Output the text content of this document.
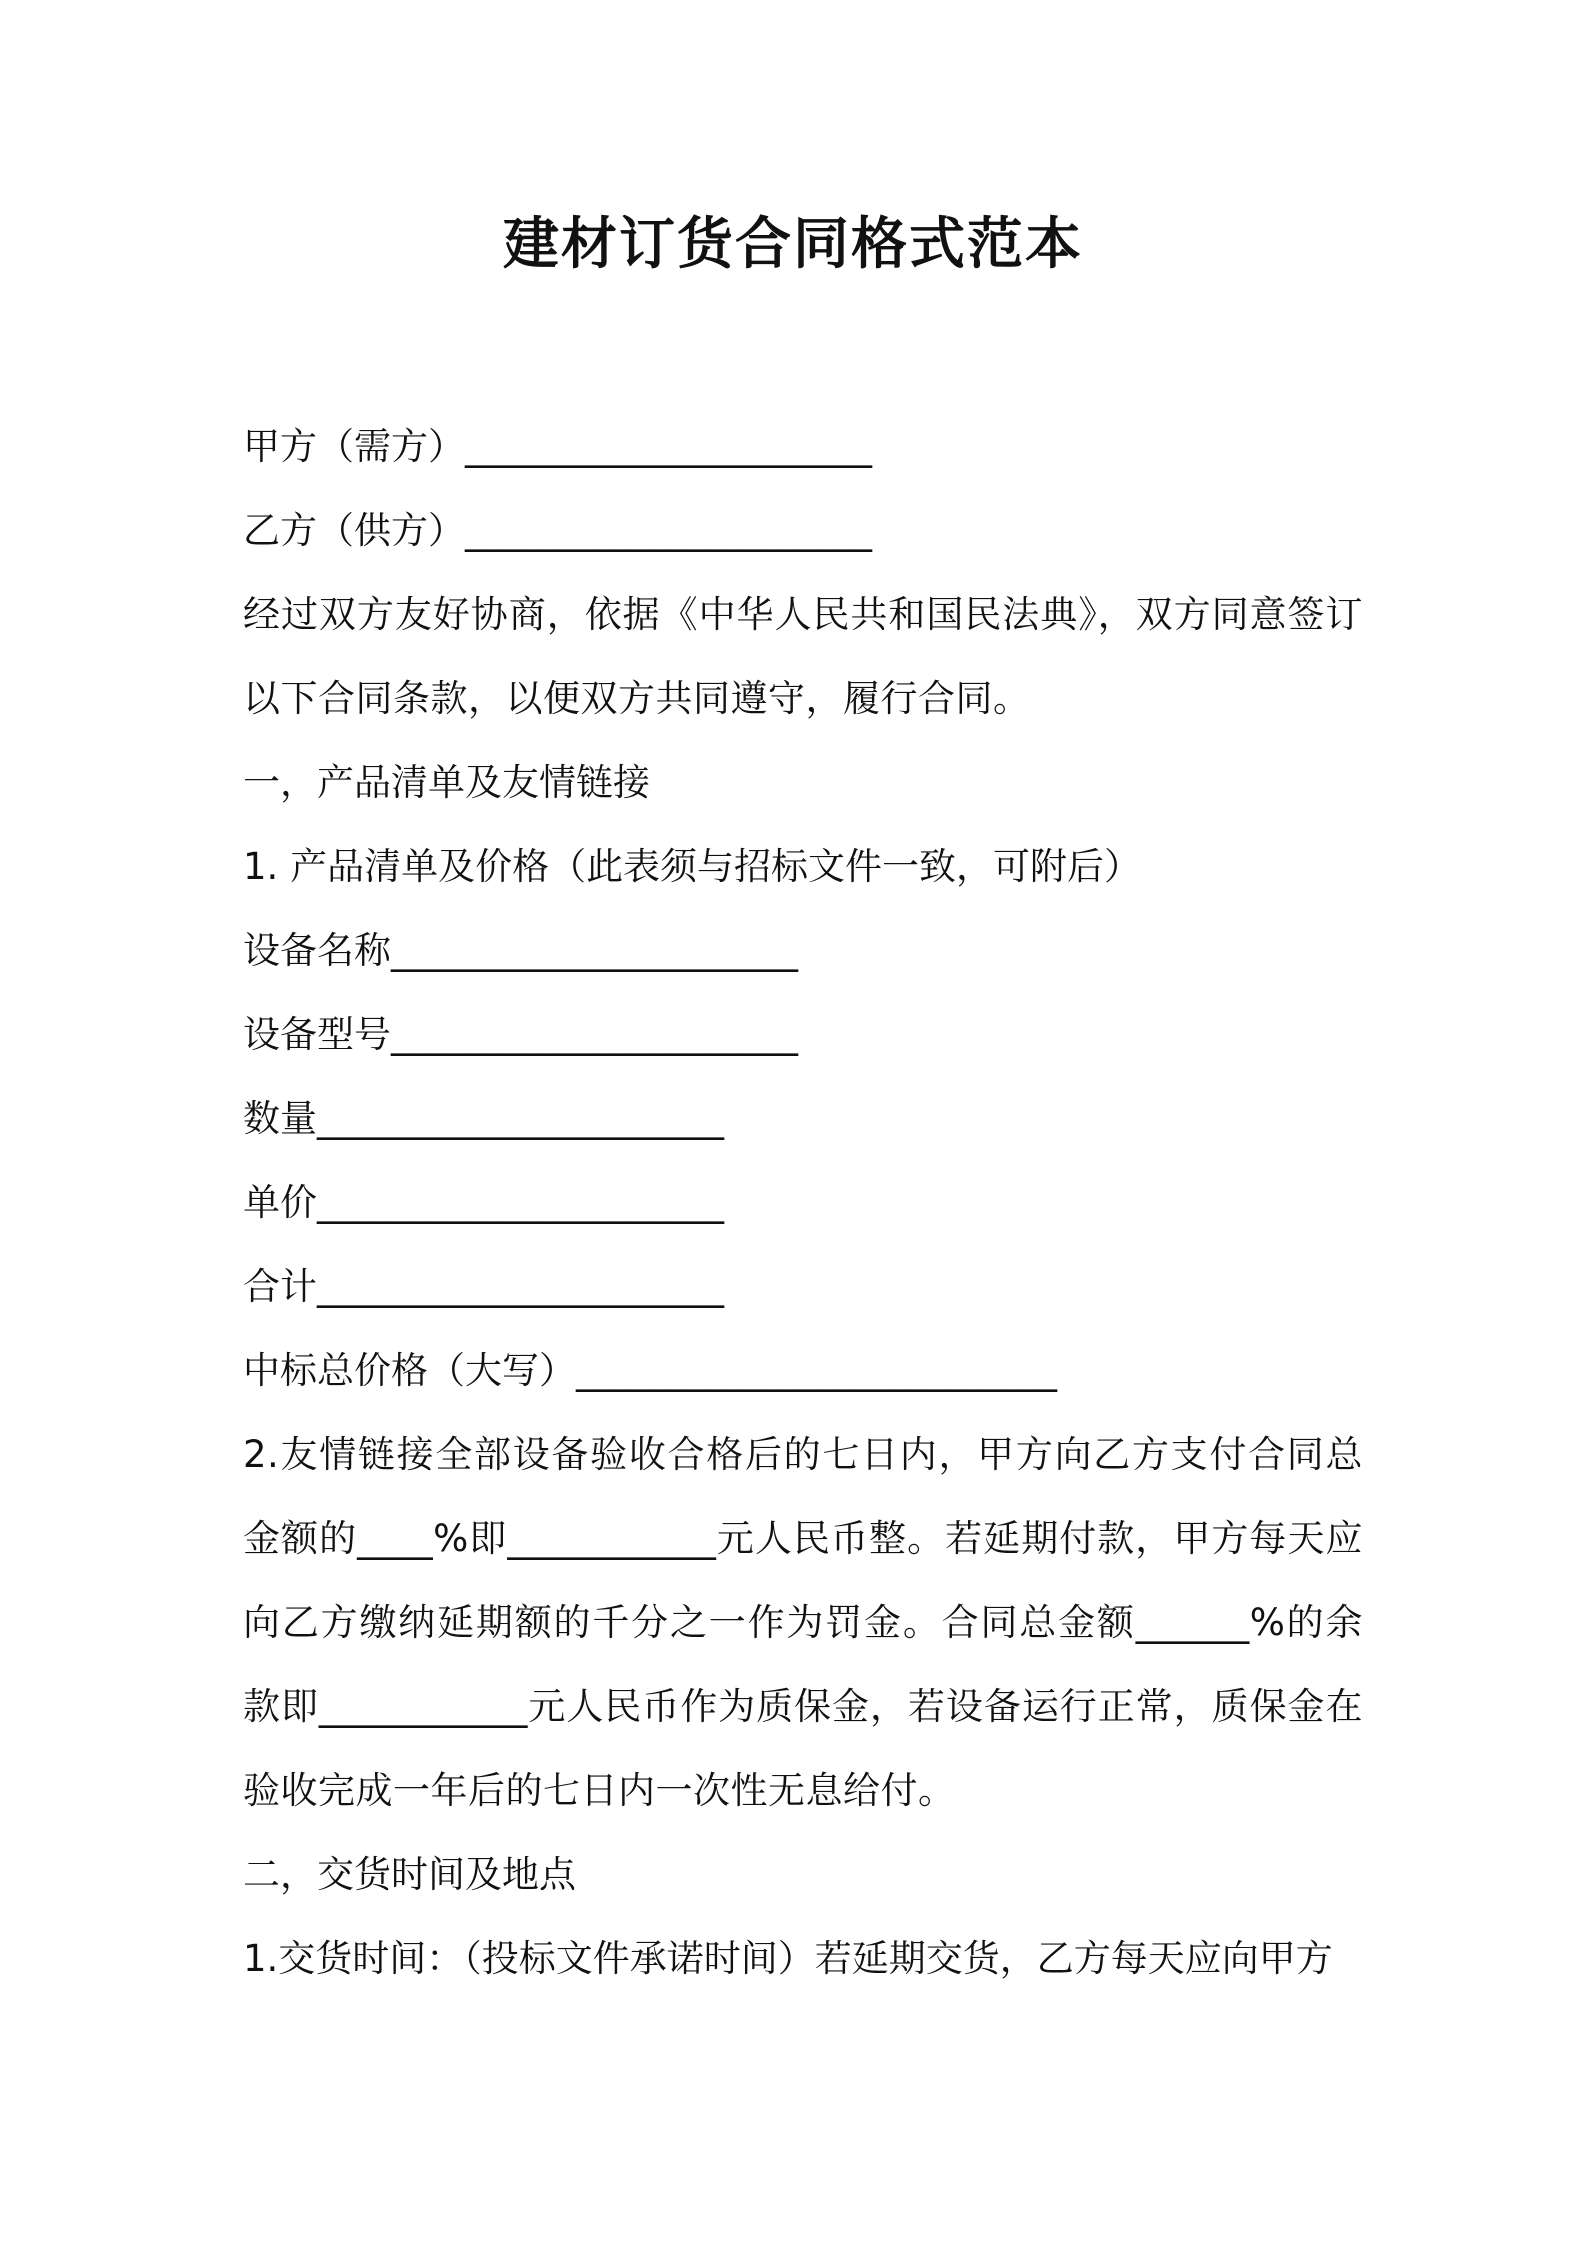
建材订货合同格式范本
甲方（需方）______________________
乙方（供方）______________________
经过双方友好协商，依据《中华人民共和国民法典》，双方同意签订以下合同条款，以便双方共同遵守，履行合同。
一，产品清单及友情链接
1. 产品清单及价格（此表须与招标文件一致，可附后）
设备名称______________________
设备型号______________________
数量______________________
单价______________________
合计______________________
中标总价格（大写）__________________________
2.友情链接全部设备验收合格后的七日内，甲方向乙方支付合同总金额的____%即___________元人民币整。若延期付款，甲方每天应向乙方缴纳延期额的千分之一作为罚金。合同总金额______%的余款即___________元人民币作为质保金，若设备运行正常，质保金在验收完成一年后的七日内一次性无息给付。
二，交货时间及地点
1.交货时间：（投标文件承诺时间）若延期交货，乙方每天应向甲方
